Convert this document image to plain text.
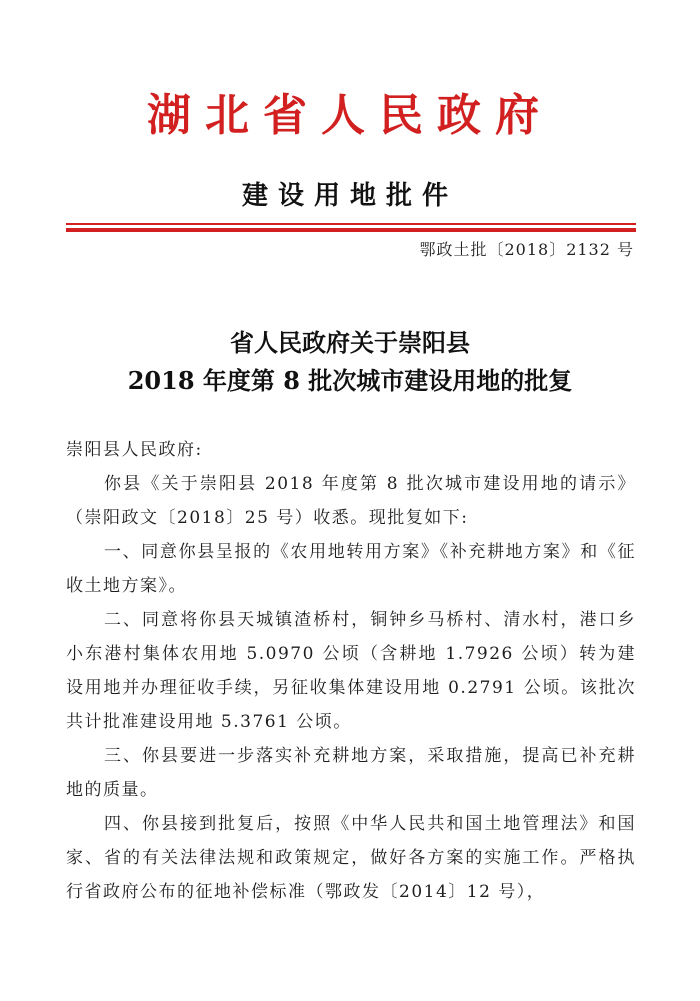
湖北省人民政府
建设用地批件
鄂政土批〔2018〕2132 号
省人民政府关于崇阳县
2018 年度第 8 批次城市建设用地的批复

崇阳县人民政府:

你县《关于崇阳县 2018 年度第 8 批次城市建设用地的请示》（崇阳政文〔2018〕25 号）收悉。现批复如下:

一、同意你县呈报的《农用地转用方案》《补充耕地方案》和《征收土地方案》。

二、同意将你县天城镇渣桥村，铜钟乡马桥村、清水村，港口乡小东港村集体农用地 5.0970 公顷（含耕地 1.7926 公顷）转为建设用地并办理征收手续，另征收集体建设用地 0.2791 公顷。该批次共计批准建设用地 5.3761 公顷。

三、你县要进一步落实补充耕地方案，采取措施，提高已补充耕地的质量。

四、你县接到批复后，按照《中华人民共和国土地管理法》和国家、省的有关法律法规和政策规定，做好各方案的实施工作。严格执行省政府公布的征地补偿标准（鄂政发〔2014〕12 号），
